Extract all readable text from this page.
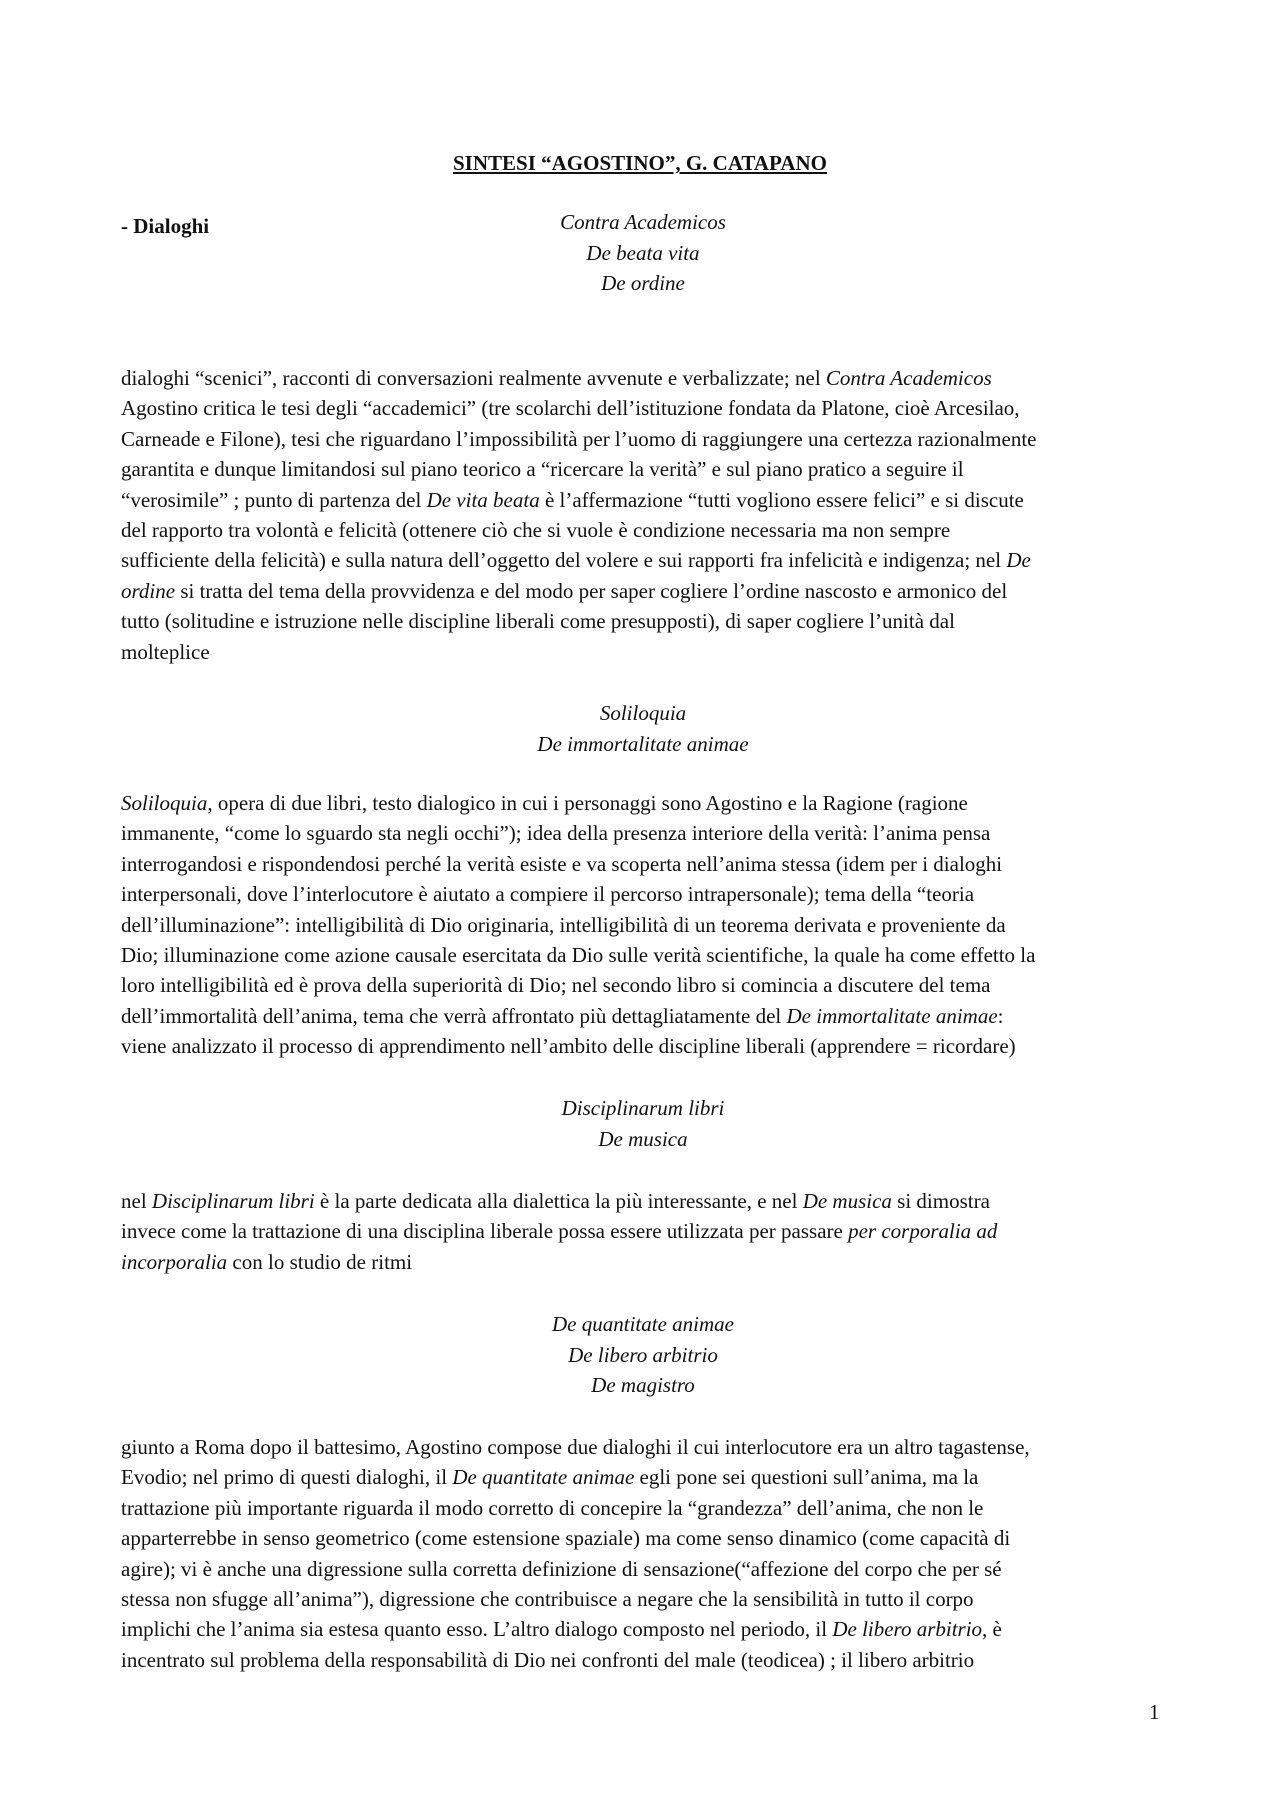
SINTESI “AGOSTINO”, G. CATAPANO
- Dialoghi	Contra Academicos
De beata vita
De ordine
dialoghi “scenici”, racconti di conversazioni realmente avvenute e verbalizzate; nel Contra Academicos
Agostino critica le tesi degli “accademici” (tre scolarchi dell’istituzione fondata da Platone, cioè Arcesilao,
Carneade e Filone), tesi che riguardano l’impossibilità per l’uomo di raggiungere una certezza razionalmente
garantita e dunque limitandosi sul piano teorico a “ricercare la verità” e sul piano pratico a seguire il
“verosimile” ; punto di partenza del De vita beata è l’affermazione “tutti vogliono essere felici” e si discute
del rapporto tra volontà e felicità (ottenere ciò che si vuole è condizione necessaria ma non sempre
sufficiente della felicità) e sulla natura dell’oggetto del volere e sui rapporti fra infelicità e indigenza; nel De
ordine si tratta del tema della provvidenza e del modo per saper cogliere l’ordine nascosto e armonico del
tutto (solitudine e istruzione nelle discipline liberali come presupposti), di saper cogliere l’unità dal
molteplice
Soliloquia
De immortalitate animae
Soliloquia, opera di due libri, testo dialogico in cui i personaggi sono Agostino e la Ragione (ragione
immanente, “come lo sguardo sta negli occhi”); idea della presenza interiore della verità: l’anima pensa
interrogandosi e rispondendosi perché la verità esiste e va scoperta nell’anima stessa (idem per i dialoghi
interpersonali, dove l’interlocutore è aiutato a compiere il percorso intrapersonale); tema della “teoria
dell’illuminazione”: intelligibilità di Dio originaria, intelligibilità di un teorema derivata e proveniente da
Dio; illuminazione come azione causale esercitata da Dio sulle verità scientifiche, la quale ha come effetto la
loro intelligibilità ed è prova della superiorità di Dio; nel secondo libro si comincia a discutere del tema
dell’immortalità dell’anima, tema che verrà affrontato più dettagliatamente del De immortalitate animae:
viene analizzato il processo di apprendimento nell’ambito delle discipline liberali (apprendere = ricordare)
Disciplinarum libri
De musica
nel Disciplinarum libri è la parte dedicata alla dialettica la più interessante, e nel De musica si dimostra
invece come la trattazione di una disciplina liberale possa essere utilizzata per passare per corporalia ad
incorporalia con lo studio de ritmi
De quantitate animae
De libero arbitrio
De magistro
giunto a Roma dopo il battesimo, Agostino compose due dialoghi il cui interlocutore era un altro tagastense,
Evodio; nel primo di questi dialoghi, il De quantitate animae egli pone sei questioni sull’anima, ma la
trattazione più importante riguarda il modo corretto di concepire la “grandezza” dell’anima, che non le
apparterrebbe in senso geometrico (come estensione spaziale) ma come senso dinamico (come capacità di
agire); vi è anche una digressione sulla corretta definizione di sensazione(“affezione del corpo che per sé
stessa non sfugge all’anima”), digressione che contribuisce a negare che la sensibilità in tutto il corpo
implichi che l’anima sia estesa quanto esso. L’altro dialogo composto nel periodo, il De libero arbitrio, è
incentrato sul problema della responsabilità di Dio nei confronti del male (teodicea) ; il libero arbitrio
1
